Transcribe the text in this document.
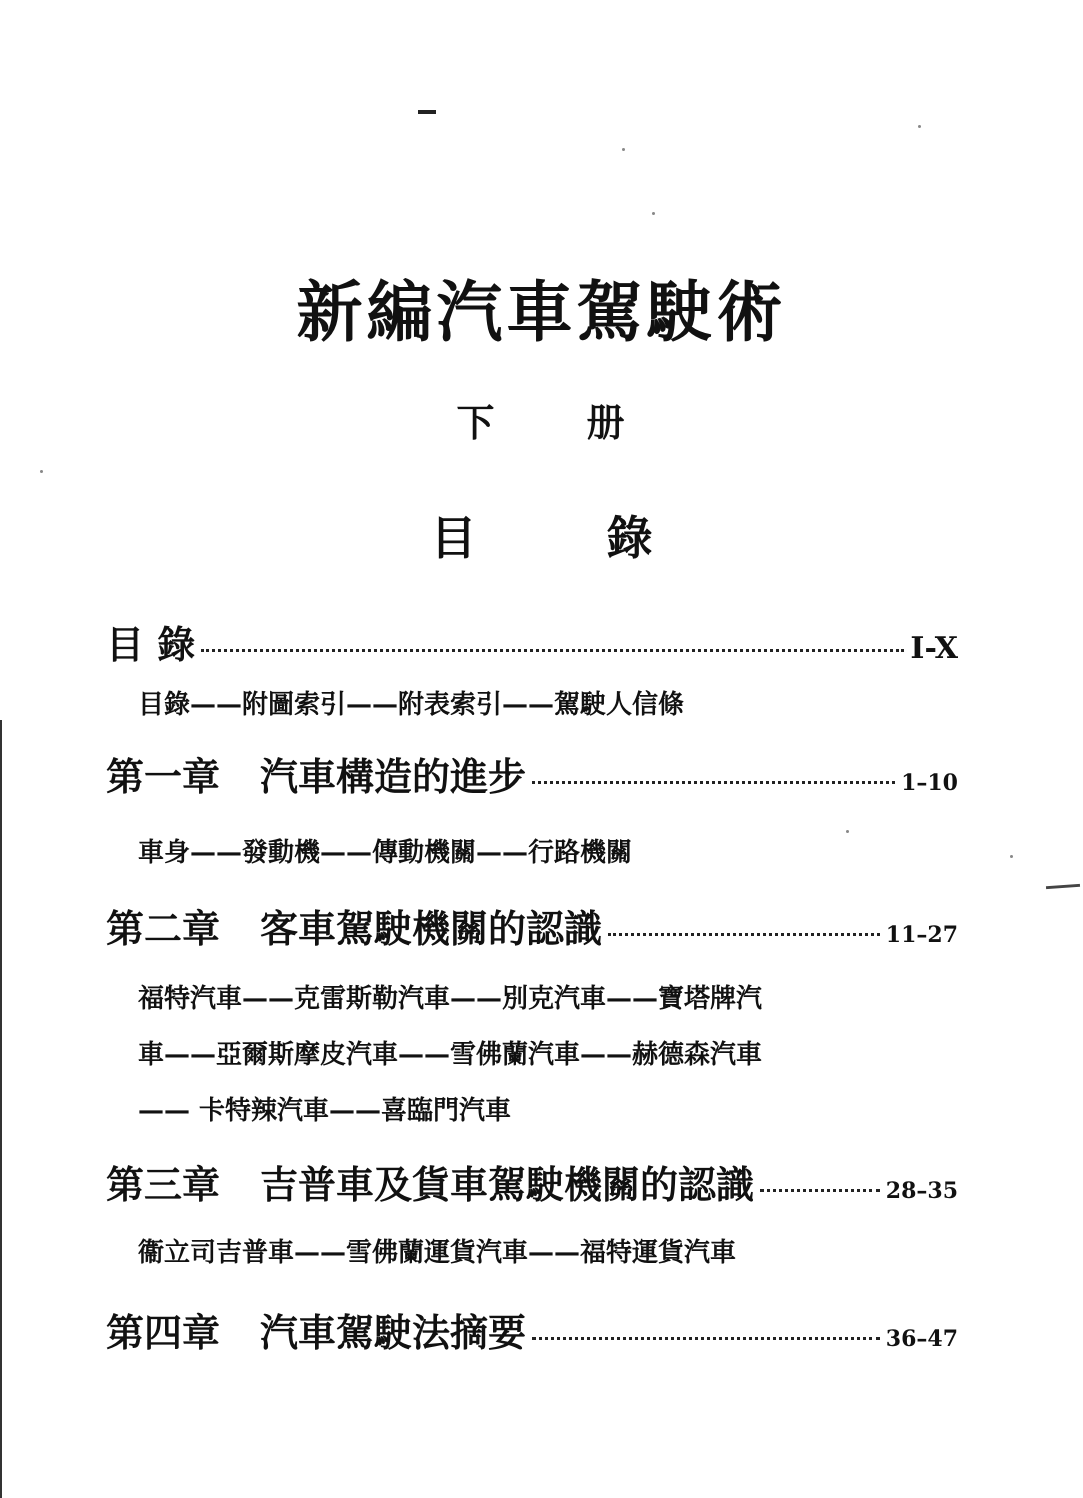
新編汽車駕駛術
下 册
目	錄
目 錄	I-X
目錄——附圖索引——附表索引——駕駛人信條
第一章 汽車構造的進步	1–10
車身——發動機——傳動機關——行路機關
第二章 客車駕駛機關的認識	11–27
福特汽車——克雷斯勒汽車——別克汽車——寶塔牌汽
車——亞爾斯摩皮汽車——雪佛蘭汽車——赫德森汽車
—— 卡特辣汽車——喜臨門汽車
第三章 吉普車及貨車駕駛機關的認識	28–35
衞立司吉普車——雪佛蘭運貨汽車——福特運貨汽車
第四章 汽車駕駛法摘要	36–47
